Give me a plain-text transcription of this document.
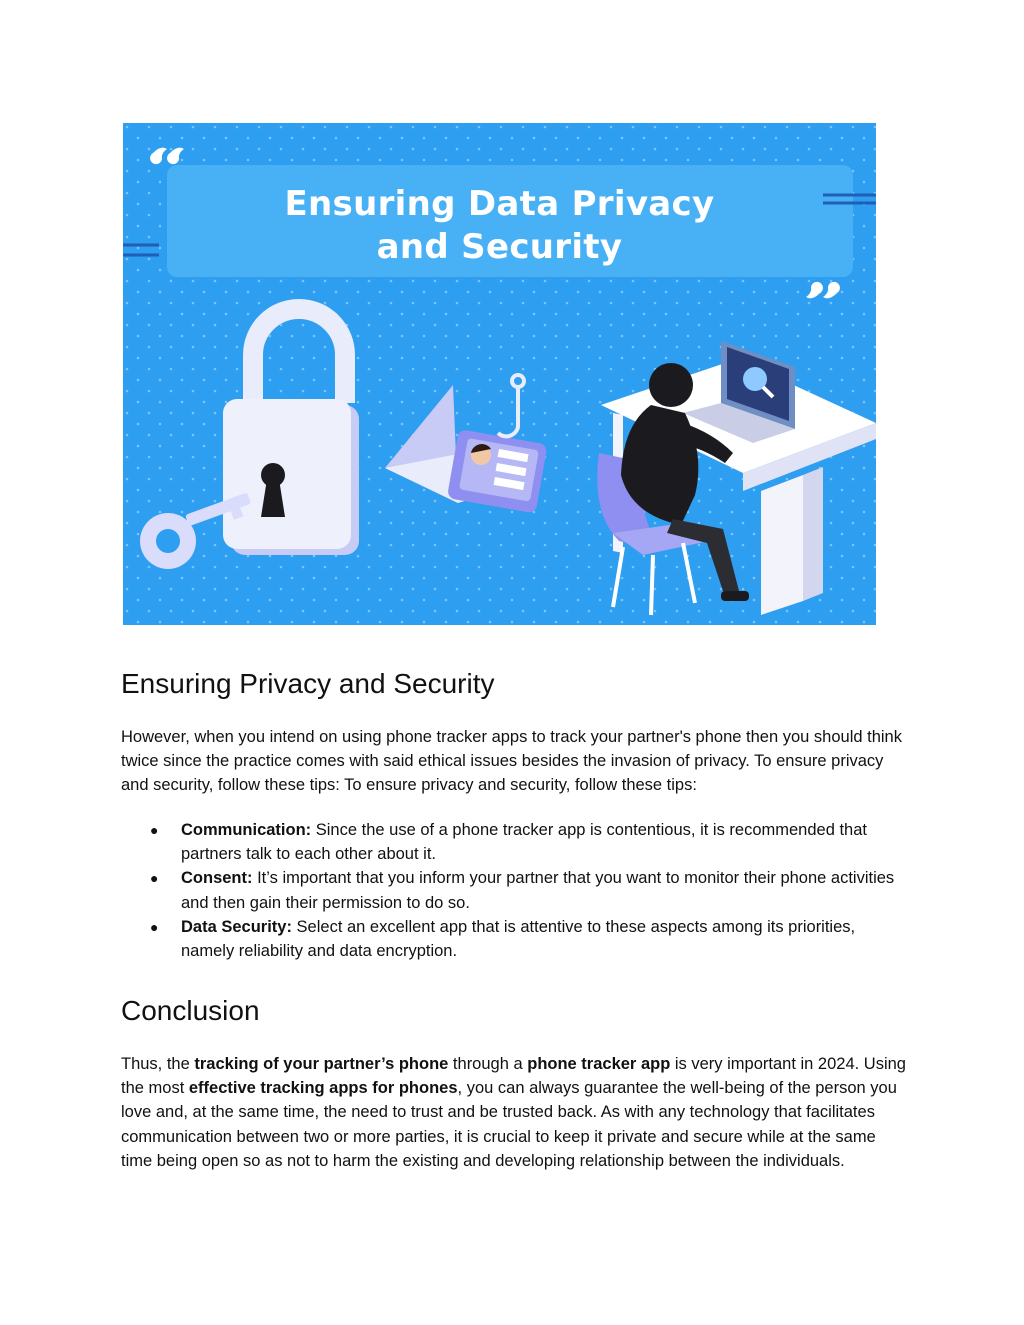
Ensuring Data Privacy
and Security
Ensuring Privacy and Security

However, when you intend on using phone tracker apps to track your partner's phone then you should think twice since the practice comes with said ethical issues besides the invasion of privacy. To ensure privacy and security, follow these tips: To ensure privacy and security, follow these tips:

● Communication: Since the use of a phone tracker app is contentious, it is recommended that partners talk to each other about it.
● Consent: It’s important that you inform your partner that you want to monitor their phone activities and then gain their permission to do so.
● Data Security: Select an excellent app that is attentive to these aspects among its priorities, namely reliability and data encryption.
Conclusion

Thus, the tracking of your partner’s phone through a phone tracker app is very important in 2024. Using the most effective tracking apps for phones, you can always guarantee the well-being of the person you love and, at the same time, the need to trust and be trusted back. As with any technology that facilitates communication between two or more parties, it is crucial to keep it private and secure while at the same time being open so as not to harm the existing and developing relationship between the individuals.
